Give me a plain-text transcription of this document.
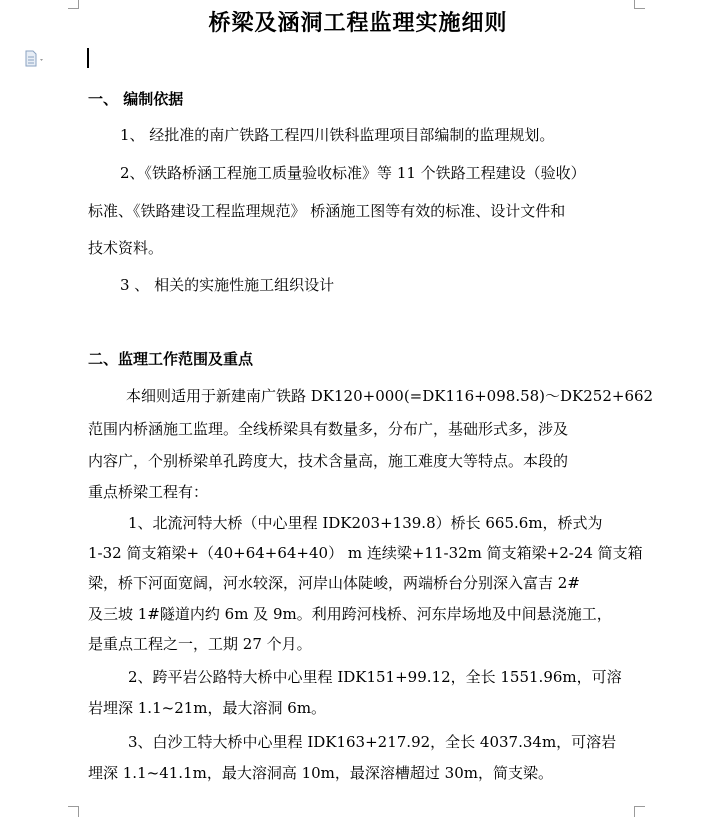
桥梁及涵洞工程监理实施细则
一、 编制依据
1、 经批准的南广铁路工程四川铁科监理项目部编制的监理规划。
2、《铁路桥涵工程施工质量验收标准》等 11 个铁路工程建设（验收）
标准、《铁路建设工程监理规范》 桥涵施工图等有效的标准、设计文件和
技术资料。
3 、 相关的实施性施工组织设计
二、监理工作范围及重点
本细则适用于新建南广铁路 DK120+000(=DK116+098.58)～DK252+662
范围内桥涵施工监理。全线桥梁具有数量多，分布广，基础形式多，涉及
内容广，个别桥梁单孔跨度大，技术含量高，施工难度大等特点。本段的
重点桥梁工程有：
1、北流河特大桥（中心里程 IDK203+139.8）桥长 665.6m，桥式为
1-32 简支箱梁+（40+64+64+40） m 连续梁+11-32m 简支箱梁+2-24 简支箱
梁，桥下河面宽阔，河水较深，河岸山体陡峻，两端桥台分别深入富吉 2#
及三坡 1#隧道内约 6m 及 9m。利用跨河栈桥、河东岸场地及中间悬浇施工，
是重点工程之一，工期 27 个月。
2、跨平岩公路特大桥中心里程 IDK151+99.12，全长 1551.96m，可溶
岩埋深 1.1~21m，最大溶洞 6m。
3、白沙工特大桥中心里程 IDK163+217.92，全长 4037.34m，可溶岩
埋深 1.1~41.1m，最大溶洞高 10m，最深溶槽超过 30m，简支梁。
